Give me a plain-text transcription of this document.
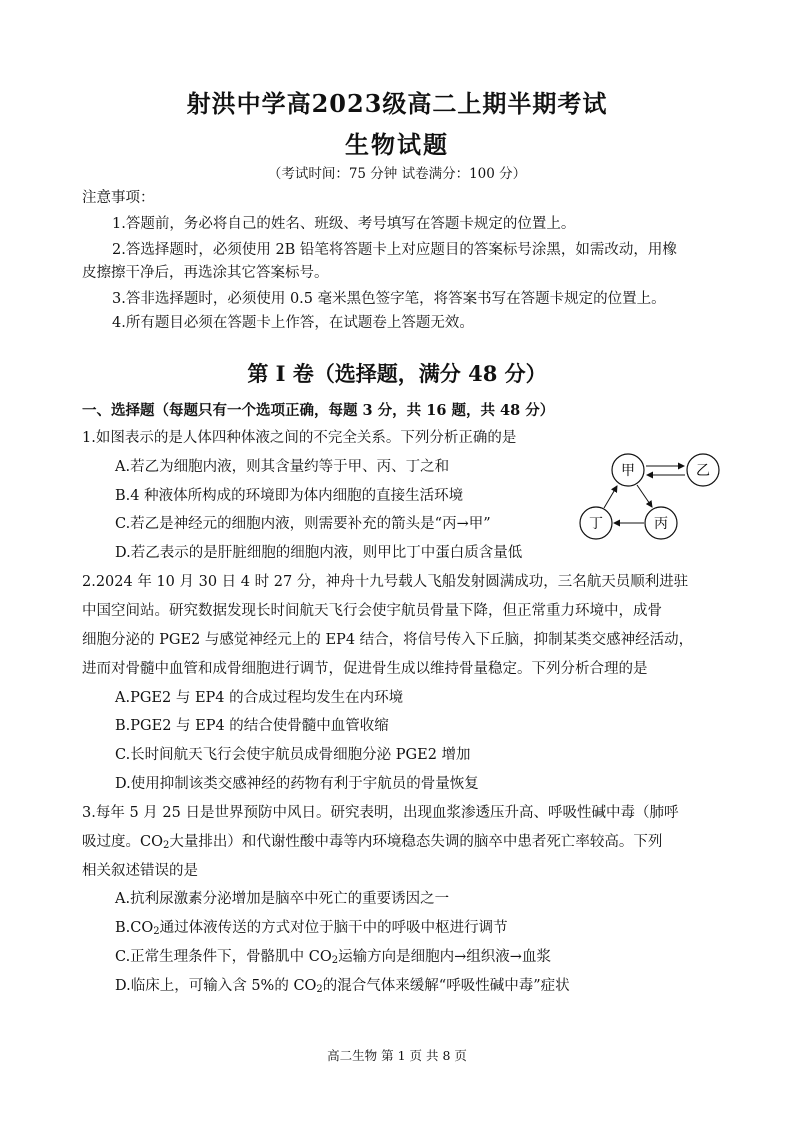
射洪中学高2023级高二上期半期考试
生物试题
（考试时间：75 分钟 试卷满分：100 分）
注意事项：
1.答题前，务必将自己的姓名、班级、考号填写在答题卡规定的位置上。
2.答选择题时，必须使用 2B 铅笔将答题卡上对应题目的答案标号涂黑，如需改动，用橡
皮擦擦干净后，再选涂其它答案标号。
3.答非选择题时，必须使用 0.5 毫米黑色签字笔，将答案书写在答题卡规定的位置上。
4.所有题目必须在答题卡上作答，在试题卷上答题无效。
第 I 卷（选择题，满分 48 分）
一、选择题（每题只有一个选项正确，每题 3 分，共 16 题，共 48 分）
1.如图表示的是人体四种体液之间的不完全关系。下列分析正确的是
A.若乙为细胞内液，则其含量约等于甲、丙、丁之和
B.4 种液体所构成的环境即为体内细胞的直接生活环境
C.若乙是神经元的细胞内液，则需要补充的箭头是“丙→甲”
D.若乙表示的是肝脏细胞的细胞内液，则甲比丁中蛋白质含量低
甲	乙
丙
丁
2.2024 年 10 月 30 日 4 时 27 分，神舟十九号载人飞船发射圆满成功，三名航天员顺利进驻
中国空间站。研究数据发现长时间航天飞行会使宇航员骨量下降，但正常重力环境中，成骨
细胞分泌的 PGE2 与感觉神经元上的 EP4 结合，将信号传入下丘脑，抑制某类交感神经活动，
进而对骨髓中血管和成骨细胞进行调节，促进骨生成以维持骨量稳定。下列分析合理的是
A.PGE2 与 EP4 的合成过程均发生在内环境
B.PGE2 与 EP4 的结合使骨髓中血管收缩
C.长时间航天飞行会使宇航员成骨细胞分泌 PGE2 增加
D.使用抑制该类交感神经的药物有利于宇航员的骨量恢复
3.每年 5 月 25 日是世界预防中风日。研究表明，出现血浆渗透压升高、呼吸性碱中毒（肺呼
吸过度。$CO_2$大量排出）和代谢性酸中毒等内环境稳态失调的脑卒中患者死亡率较高。下列
相关叙述错误的是
A.抗利尿激素分泌增加是脑卒中死亡的重要诱因之一
$B.CO_2$通过体液传送的方式对位于脑干中的呼吸中枢进行调节
C.正常生理条件下，骨骼肌中 $CO_2$运输方向是细胞内→组织液→血浆
D.临床上，可输入含 5%的 $CO_2$的混合气体来缓解“呼吸性碱中毒”症状
高二生物 第 1 页 共 8 页
